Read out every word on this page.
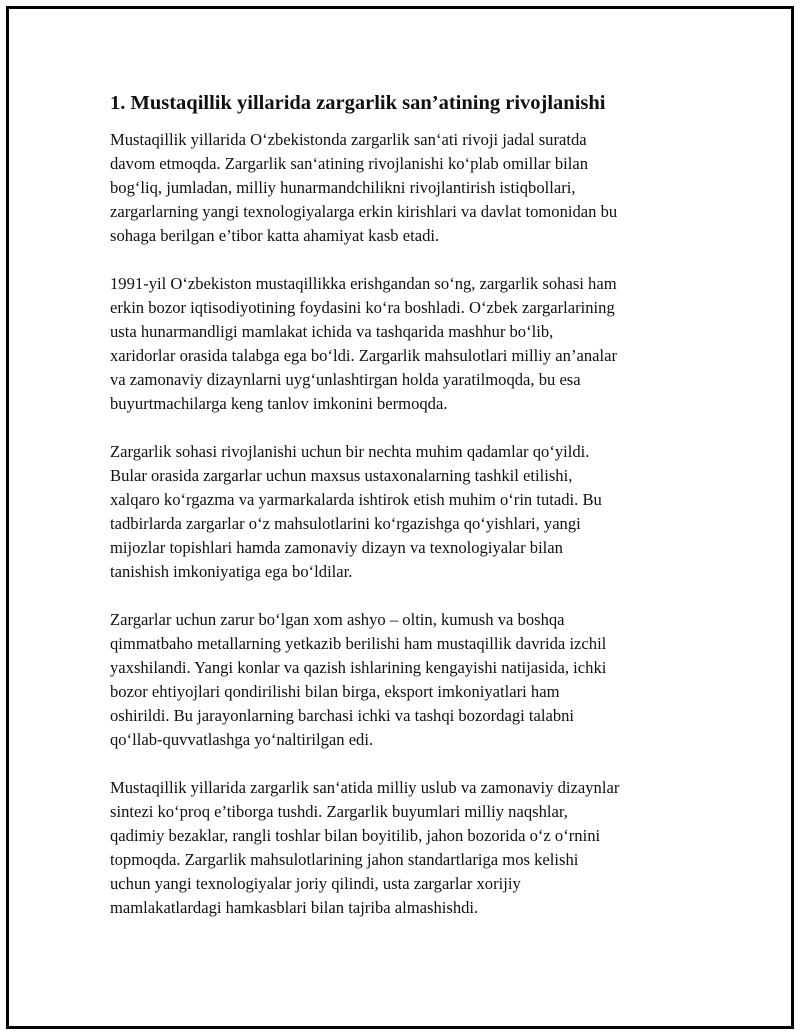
1. Mustaqillik yillarida zargarlik san’atining rivojlanishi
Mustaqillik yillarida O‘zbekistonda zargarlik san‘ati rivoji jadal suratda
davom etmoqda. Zargarlik san‘atining rivojlanishi ko‘plab omillar bilan
bog‘liq, jumladan, milliy hunarmandchilikni rivojlantirish istiqbollari,
zargarlarning yangi texnologiyalarga erkin kirishlari va davlat tomonidan bu
sohaga berilgan e’tibor katta ahamiyat kasb etadi.
1991-yil O‘zbekiston mustaqillikka erishgandan so‘ng, zargarlik sohasi ham
erkin bozor iqtisodiyotining foydasini ko‘ra boshladi. O‘zbek zargarlarining
usta hunarmandligi mamlakat ichida va tashqarida mashhur bo‘lib,
xaridorlar orasida talabga ega bo‘ldi. Zargarlik mahsulotlari milliy an’analar
va zamonaviy dizaynlarni uyg‘unlashtirgan holda yaratilmoqda, bu esa
buyurtmachilarga keng tanlov imkonini bermoqda.
Zargarlik sohasi rivojlanishi uchun bir nechta muhim qadamlar qo‘yildi.
Bular orasida zargarlar uchun maxsus ustaxonalarning tashkil etilishi,
xalqaro ko‘rgazma va yarmarkalarda ishtirok etish muhim o‘rin tutadi. Bu
tadbirlarda zargarlar o‘z mahsulotlarini ko‘rgazishga qo‘yishlari, yangi
mijozlar topishlari hamda zamonaviy dizayn va texnologiyalar bilan
tanishish imkoniyatiga ega bo‘ldilar.
Zargarlar uchun zarur bo‘lgan xom ashyo – oltin, kumush va boshqa
qimmatbaho metallarning yetkazib berilishi ham mustaqillik davrida izchil
yaxshilandi. Yangi konlar va qazish ishlarining kengayishi natijasida, ichki
bozor ehtiyojlari qondirilishi bilan birga, eksport imkoniyatlari ham
oshirildi. Bu jarayonlarning barchasi ichki va tashqi bozordagi talabni
qo‘llab-quvvatlashga yo‘naltirilgan edi.
Mustaqillik yillarida zargarlik san‘atida milliy uslub va zamonaviy dizaynlar
sintezi ko‘proq e’tiborga tushdi. Zargarlik buyumlari milliy naqshlar,
qadimiy bezaklar, rangli toshlar bilan boyitilib, jahon bozorida o‘z o‘rnini
topmoqda. Zargarlik mahsulotlarining jahon standartlariga mos kelishi
uchun yangi texnologiyalar joriy qilindi, usta zargarlar xorijiy
mamlakatlardagi hamkasblari bilan tajriba almashishdi.
